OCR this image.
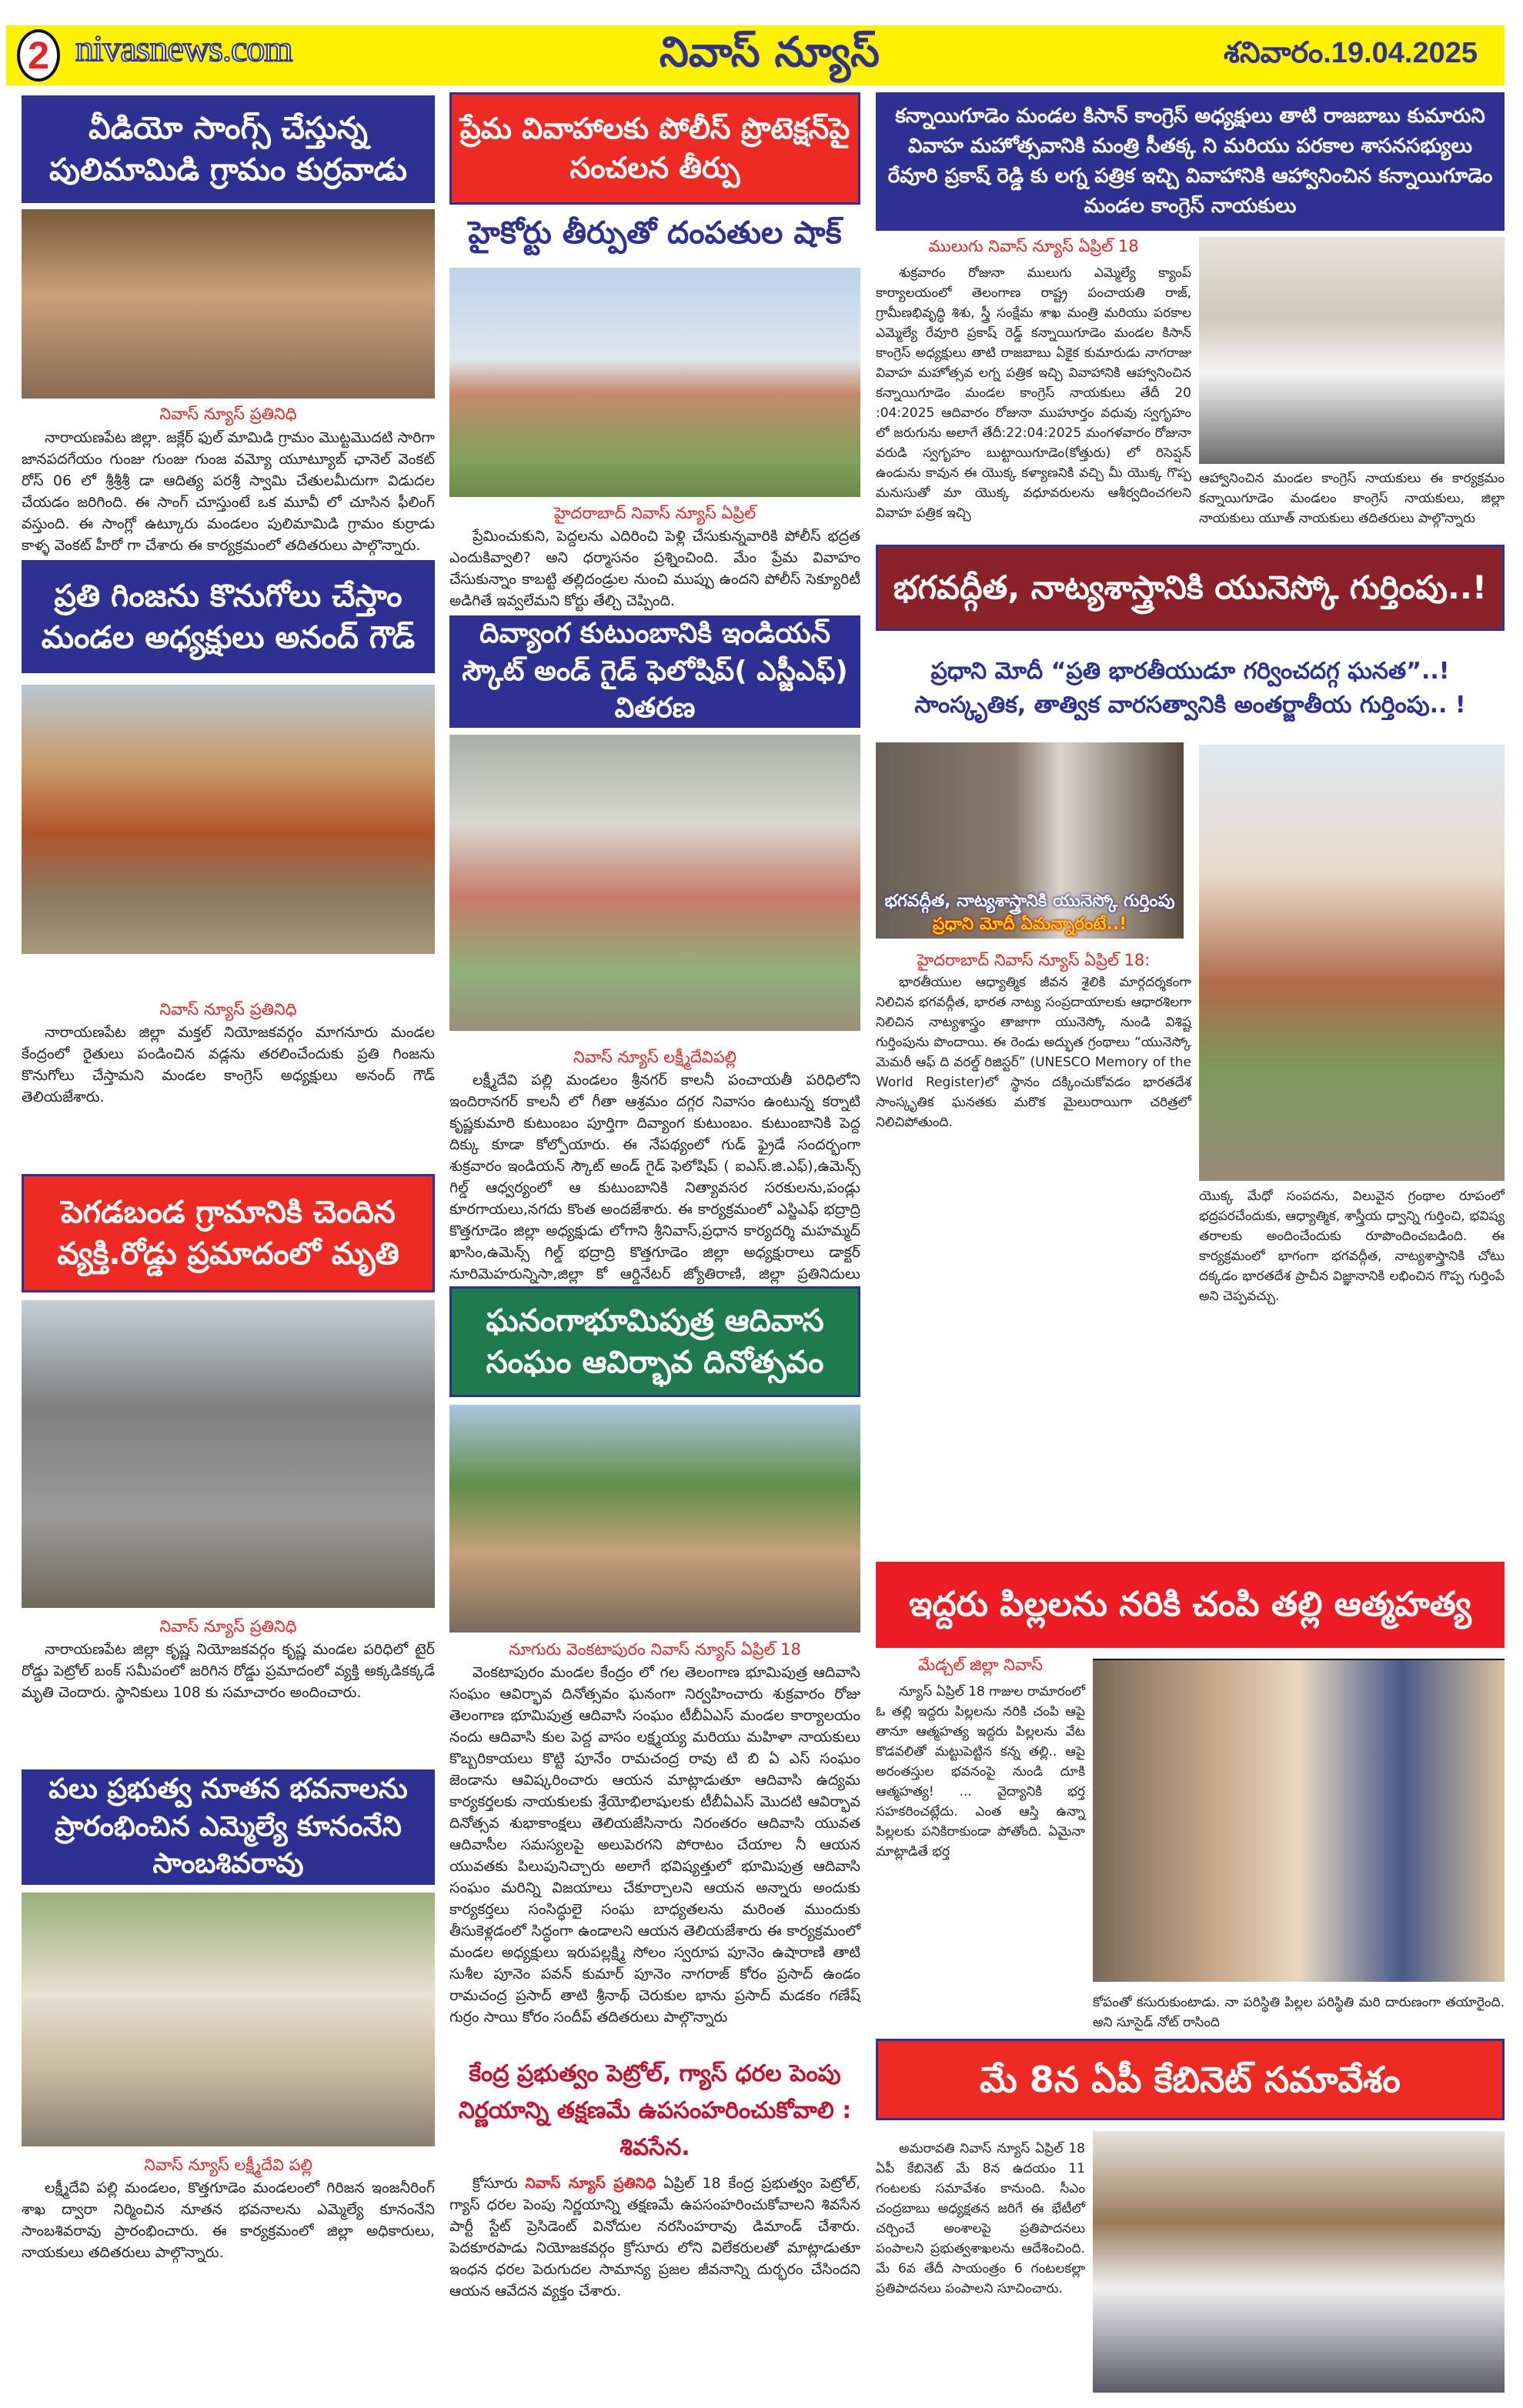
2 nivasnews.com	నివాస్ న్యూస్	శనివారం.19.04.2025
వీడియో సాంగ్స్ చేస్తున్న పులిమామిడి గ్రామం కుర్రవాడు
నివాస్ న్యూస్ ప్రతినిధి
నారాయణపేట జిల్లా. జక్లేర్ ఫుల్ మామిడి గ్రామం మొట్టమొదటి సారిగా జానపదగేయం గుంజు గుంజు గుంజ వమ్యో యూట్యూబ్ ఛానెల్ వెంకట్ రోస్ 06 లో శ్రీశ్రీశ్రీ డా ఆదిత్య పరశ్రీ స్వామి చేతులమీదుగా విడుదల చేయడం జరిగింది. ఈ సాంగ్ చూస్తుంటే ఒక మూవీ లో చూసిన ఫీలింగ్ వస్తుంది. ఈ సాంగ్లో ఉట్కూరు మండలం పులిమామిడి గ్రామం కుర్రాడు కాళ్ళ వెంకట్ హీరో గా చేశారు ఈ కార్యక్రమంలో తదితరులు పాల్గొన్నారు.
ప్రతి గింజను కొనుగోలు చేస్తాం మండల అధ్యక్షులు అనంద్ గౌడ్
నివాస్ న్యూస్ ప్రతినిధి
నారాయణపేట జిల్లా మక్తల్ నియోజకవర్గం మాగనూరు మండల కేంద్రంలో రైతులు పండించిన వడ్లను తరలించేందుకు ప్రతి గింజను కొనుగోలు చేస్తామని మండల కాంగ్రెస్ అధ్యక్షులు అనంద్ గౌడ్ తెలియజేశారు.
పెగడబండ గ్రామానికి చెందిన వ్యక్తి.రోడ్డు ప్రమాదంలో మృతి
నివాస్ న్యూస్ ప్రతినిధి
నారాయణపేట జిల్లా కృష్ణ నియోజకవర్గం కృష్ణ మండల పరిధిలో టైర్ రోడ్డు పెట్రోల్ బంక్ సమీపంలో జరిగిన రోడ్డు ప్రమాదంలో వ్యక్తి అక్కడికక్కడే మృతి చెందారు. స్థానికులు 108 కు సమాచారం అందించారు.
పలు ప్రభుత్వ నూతన భవనాలను ప్రారంభించిన ఎమ్మెల్యే కూనంనేని సాంబశివరావు
నివాస్ న్యూస్ లక్ష్మీదేవి పల్లి
లక్ష్మీదేవి పల్లి మండలం, కొత్తగూడెం మండలంలో గిరిజన ఇంజనీరింగ్ శాఖ ద్వారా నిర్మించిన నూతన భవనాలను ఎమ్మెల్యే కూనంనేని సాంబశివరావు ప్రారంభించారు. ఈ కార్యక్రమంలో జిల్లా అధికారులు, నాయకులు తదితరులు పాల్గొన్నారు.
ప్రేమ వివాహాలకు పోలీస్ ప్రొటెక్షన్‌పై సంచలన తీర్పు
హైకోర్టు తీర్పుతో దంపతుల షాక్
హైదరాబాద్ నివాస్ న్యూస్ ఏప్రిల్
ప్రేమించుకుని, పెద్దలను ఎదిరించి పెళ్లి చేసుకున్నవారికి పోలీస్ భద్రత ఎందుకివ్వాలి? అని ధర్మాసనం ప్రశ్నించింది. మేం ప్రేమ వివాహం చేసుకున్నాం కాబట్టి తల్లిదండ్రుల నుంచి ముప్పు ఉందని పోలీస్ సెక్యూరిటీ అడిగితే ఇవ్వలేమని కోర్టు తేల్చి చెప్పింది.
దివ్యాంగ కుటుంబానికి ఇండియన్ స్కౌట్ అండ్ గైడ్ ఫెలోషిప్( ఎస్జీఎఫ్) వితరణ
నివాస్ న్యూస్ లక్ష్మీదేవిపల్లి
లక్ష్మీదేవి పల్లి మండలం శ్రీనగర్ కాలనీ పంచాయతీ పరిధిలోని ఇందిరానగర్ కాలనీ లో గీతా ఆశ్రమం దగ్గర నివాసం ఉంటున్న కర్నాటి కృష్ణకుమారి కుటుంబం పూర్తిగా దివ్యాంగ కుటుంబం. కుటుంబానికి పెద్ద దిక్కు కూడా కోల్పోయారు. ఈ నేపథ్యంలో గుడ్ ఫ్రైడే సందర్భంగా శుక్రవారం ఇండియన్ స్కౌట్ అండ్ గైడ్ ఫెలోషిప్ ( ఐఎస్.జి.ఎఫ్),ఉమెన్స్ గిల్డ్ ఆధ్వర్యంలో ఆ కుటుంబానికి నిత్యావసర సరకులను,పండ్లు కూరగాయలు,నగదు కొంత అందజేశారు. ఈ కార్యక్రమంలో ఎస్జిఎఫ్ భద్రాద్రి కొత్తగూడెం జిల్లా అధ్యక్షుడు లోగాని శ్రీనివాస్,ప్రధాన కార్యదర్శి మహమ్మద్ ఖాసిం,ఉమెన్స్ గిల్డ్ భద్రాద్రి కొత్తగూడెం జిల్లా అధ్యక్షురాలు డాక్టర్ నూరిమెహరున్నిసా,జిల్లా కో ఆర్డినేటర్ జ్యోతిరాణి, జిల్లా ప్రతినిదులు
ఘనంగాభూమిపుత్ర ఆదివాస సంఘం ఆవిర్భావ దినోత్సవం
నూగురు వెంకటాపురం నివాస్ న్యూస్ ఏప్రిల్ 18
వెంకటాపురం మండల కేంద్రం లో గల తెలంగాణ భూమిపుత్ర ఆదివాసి సంఘం ఆవిర్భావ దినోత్సవం ఘనంగా నిర్వహించారు శుక్రవారం రోజు తెలంగాణ భూమిపుత్ర ఆదివాసి సంఘం టీబీఏఎస్ మండల కార్యాలయం నందు ఆదివాసి కుల పెద్ద వాసం లక్ష్మయ్య మరియు మహిళా నాయకులు కొబ్బరికాయలు కొట్టి పూనేం రామచంద్ర రావు టి బి ఏ ఎస్ సంఘం జెండాను ఆవిష్కరించారు ఆయన మాట్లాడుతూ ఆదివాసి ఉద్యమ కార్యకర్తలకు నాయకులకు శ్రేయోభిలాషులకు టీబీఏఎస్ మొదటి ఆవిర్భావ దినోత్సవ శుభాకాంక్షలు తెలియజేసినారు నిరంతరం ఆదివాసి యువత ఆదివాసీల సమస్యలపై అలుపెరగని పోరాటం చేయాల నీ ఆయన యువతకు పిలుపునిచ్చారు అలాగే భవిష్యత్తులో భూమిపుత్ర ఆదివాసి సంఘం మరిన్ని విజయాలు చేకూర్చాలని ఆయన అన్నారు అందుకు కార్యకర్తలు సంసిద్ధులై సంఘ బాధ్యతలను మరింత ముందుకు తీసుకెళ్లడంలో సిద్ధంగా ఉండాలని ఆయన తెలియజేశారు ఈ కార్యక్రమంలో మండల అధ్యక్షులు ఇరుపల్లక్ష్మి సోలం స్వరూప పూనెం ఉషారాణి తాటి సుశీల పూనెం పవన్ కుమార్ పూనెం నాగరాజ్ కోరం ప్రసాద్ ఉండం రామచంద్ర ప్రసాద్ తాటి శ్రీనాథ్ చెరుకుల భాను ప్రసాద్ మడకం గణేష్ గుర్రం సాయి కోరం సందీప్ తదితరులు పాల్గొన్నారు
కేంద్ర ప్రభుత్వం పెట్రోల్, గ్యాస్ ధరల పెంపు నిర్ణయాన్ని తక్షణమే ఉపసంహరించుకోవాలి : శివసేన.
క్రోసూరు నివాస్ న్యూస్ ప్రతినిధి ఏప్రిల్ 18 కేంద్ర ప్రభుత్వం పెట్రోల్, గ్యాస్ ధరల పెంపు నిర్ణయాన్ని తక్షణమే ఉపసంహరించుకోవాలని శివసేన పార్టీ స్టేట్ ప్రెసిడెంట్ వినోదుల నరసింహరావు డిమాండ్ చేశారు. పెదకూరపాడు నియోజకవర్గం క్రోసూరు లోని విలేకరులతో మాట్లాడుతూ ఇంధన ధరల పెరుగుదల సామాన్య ప్రజల జీవనాన్ని దుర్భరం చేసిందని ఆయన ఆవేదన వ్యక్తం చేశారు.
కన్నాయిగూడెం మండల కిసాన్ కాంగ్రెస్ అధ్యక్షులు తాటి రాజబాబు కుమారుని వివాహ మహోత్సవానికి మంత్రి సీతక్క ని మరియు పరకాల శాసనసభ్యులు రేవూరి ప్రకాష్ రెడ్డి కు లగ్న పత్రిక ఇచ్చి వివాహానికి ఆహ్వానించిన కన్నాయిగూడెం మండల కాంగ్రెస్ నాయకులు
ములుగు నివాస్ న్యూస్ ఏప్రిల్ 18
శుక్రవారం రోజునా ములుగు ఎమ్మెల్యే క్యాంప్ కార్యాలయంలో తెలంగాణ రాష్ట్ర పంచాయతి రాజ్, గ్రామీణభివృద్ధి శిశు, స్త్రీ సంక్షేమ శాఖ మంత్రి మరియు పరకాల ఎమ్మెల్యే రేవూరి ప్రకాష్ రెడ్డ్ కన్నాయిగూడెం మండల కిసాన్ కాంగ్రెస్ అధ్యక్షులు తాటి రాజబాబు ఏకైక కుమారుడు నాగరాజు వివాహ మహోత్సవ లగ్న పత్రిక ఇచ్చి వివాహానికి ఆహ్వానించిన కన్నాయిగూడెం మండల కాంగ్రెస్ నాయకులు తేదీ 20 :04:2025 ఆదివారం రోజునా ముహూర్తం వధువు స్వగృహం లో జరుగును అలాగే తేదీ:22:04:2025 మంగళవారం రోజునా వరుడి స్వగృహం బుట్టాయిగూడెం(కోత్తురు) లో రిసెప్షన్ ఉండును కావున ఈ యొక్క కళ్యాణనికి వచ్చి మీ యొక్క గొప్ప మనుసుతో మా యొక్క వధూవరులను ఆశీర్వదించగలని వివాహ పత్రిక ఇచ్చి
ఆహ్వానించిన మండల కాంగ్రెస్ నాయకులు ఈ కార్యక్రమం కన్నాయిగూడెం మండలం కాంగ్రెస్ నాయకులు, జిల్లా నాయకులు యూత్ నాయకులు తదితరులు పాల్గొన్నారు
భగవద్గీత, నాట్యశాస్త్రానికి యునెస్కో గుర్తింపు..!
ప్రధాని మోదీ “ప్రతి భారతీయుడూ గర్వించదగ్గ ఘనత”..!
సాంస్కృతిక, తాత్విక వారసత్వానికి అంతర్జాతీయ గుర్తింపు.. !
భగవద్గీత, నాట్యశాస్త్రానికి యునెస్కో గుర్తింపు
ప్రధాని మోదీ ఏమన్నారంటే..!
హైదరాబాద్ నివాస్ న్యూస్ ఏప్రిల్ 18:
భారతీయుల ఆధ్యాత్మిక జీవన శైలికి మార్గదర్శకంగా నిలిచిన భగవద్గీత, భారత నాట్య సంప్రదాయాలకు ఆధారశిలగా నిలిచిన నాట్యశాస్త్రం తాజాగా యునెస్కో నుండి విశిష్ట గుర్తింపును పొందాయి. ఈ రెండు అద్భుత గ్రంథాలు “యునెస్కో మెమరీ ఆఫ్ ది వరల్డ్ రిజిస్టర్” (UNESCO Memory of the World Register)లో స్థానం దక్కించుకోవడం భారతదేశ సాంస్కృతిక ఘనతకు మరొక మైలురాయిగా చరిత్రలో నిలిచిపోతుంది.
యొక్క మేధో సంపదను, విలువైన గ్రంథాల రూపంలో భద్రపరచేందుకు, ఆధ్యాత్మిక, శాస్త్రీయ ధ్వాన్ని గుర్తించి, భవిష్య తరాలకు అందించేందుకు రూపొందించబడింది. ఈ కార్యక్రమంలో భాగంగా భగవద్గీత, నాట్యశాస్త్రానికి చోటు దక్కడం భారతదేశ ప్రాచీన విజ్ఞానానికి లభించిన గొప్ప గుర్తింపే అని చెప్పవచ్చు.
ఇద్దరు పిల్లలను నరికి చంపి తల్లి ఆత్మహత్య
మేడ్చల్ జిల్లా నివాస్
న్యూస్ ఏప్రిల్ 18 గాజుల రామారంలో ఓ తల్లి ఇద్దరు పిల్లలను నరికి చంపి ఆపై తానూ ఆత్మహత్య ఇద్దరు పిల్లలను వేట కొడవలితో మట్టుపెట్టిన కన్న తల్లి.. ఆపై అరంతస్తుల భవనంపై నుండి దూకి ఆత్మహత్య! ... వైద్యానికి భర్త సహకరించట్లేదు. ఎంత ఆస్తి ఉన్నా పిల్లలకు పనికిరాకుండా పోతోంది. ఏమైనా మాట్లాడితే భర్త
కోపంతో కసురుకుంటాడు. నా పరిస్థితి పిల్లల పరిస్థితి మరి దారుణంగా తయారైంది. అని సూసైడ్ నోట్ రాసింది
మే 8న ఏపీ కేబినెట్ సమావేశం
అమరావతి నివాస్ న్యూస్ ఏప్రిల్ 18 ఏపీ కేబినెట్ మే 8న ఉదయం 11 గంటలకు సమావేశం కానుంది. సీఎం చంద్రబాబు అధ్యక్షతన జరిగే ఈ భేటీలో చర్చించే అంశాలపై ప్రతిపాదనలు పంపాలని ప్రభుత్వశాఖలను ఆదేశించింది. మే 6వ తేదీ సాయంత్రం 6 గంటలకల్లా ప్రతిపాదనలు పంపాలని సూచించారు.
